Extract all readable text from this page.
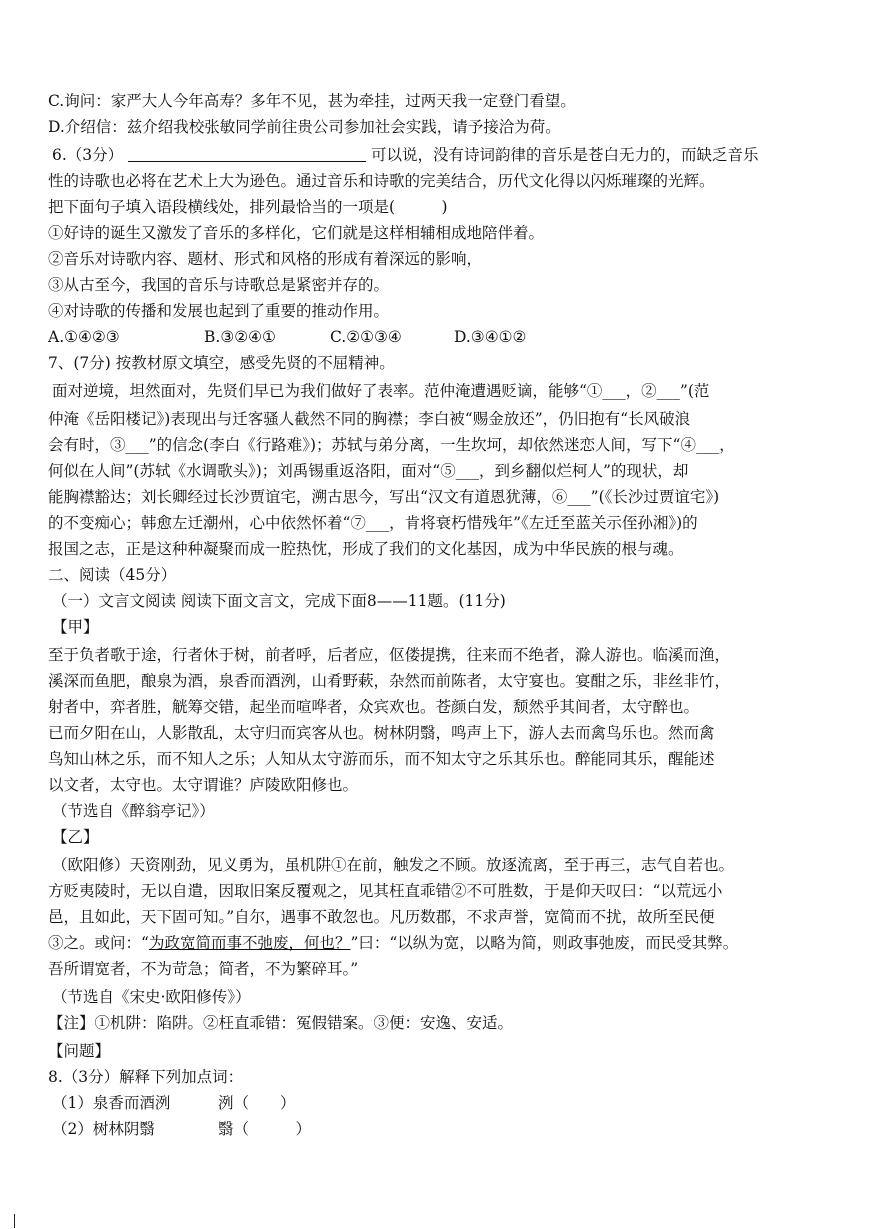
C.询问：家严大人今年高寿？多年不见，甚为牵挂，过两天我一定登门看望。
D.介绍信：兹介绍我校张敏同学前往贵公司参加社会实践，请予接洽为荷。
6.（3分）	可以说，没有诗词韵律的音乐是苍白无力的，而缺乏音乐
性的诗歌也必将在艺术上大为逊色。通过音乐和诗歌的完美结合，历代文化得以闪烁璀璨的光辉。
把下面句子填入语段横线处，排列最恰当的一项是(　　　)
①好诗的诞生又激发了音乐的多样化，它们就是这样相辅相成地陪伴着。
②音乐对诗歌内容、题材、形式和风格的形成有着深远的影响，
③从古至今，我国的音乐与诗歌总是紧密并存的。
④对诗歌的传播和发展也起到了重要的推动作用。
A.①④②③	B.③②④①	C.②①③④	D.③④①②
7、(7分) 按教材原文填空，感受先贤的不屈精神。
面对逆境，坦然面对，先贤们早已为我们做好了表率。范仲淹遭遇贬谪，能够“①___，②___”(范
仲淹《岳阳楼记》)表现出与迁客骚人截然不同的胸襟；李白被“赐金放还”，仍旧抱有“长风破浪
会有时，③___”的信念(李白《行路难》)；苏轼与弟分离，一生坎坷，却依然迷恋人间，写下“④___，
何似在人间”(苏轼《水调歌头》)；刘禹锡重返洛阳，面对“⑤___，到乡翻似烂柯人”的现状，却
能胸襟豁达；刘长卿经过长沙贾谊宅，溯古思今，写出“汉文有道恩犹薄，⑥___”(《长沙过贾谊宅》)
的不变痴心；韩愈左迁潮州，心中依然怀着“⑦___，肯将衰朽惜残年”《左迁至蓝关示侄孙湘》)的
报国之志，正是这种种凝聚而成一腔热忱，形成了我们的文化基因，成为中华民族的根与魂。
二、阅读（45分）
（一）文言文阅读 阅读下面文言文，完成下面8——11题。(11分)
【甲】
至于负者歌于途，行者休于树，前者呼，后者应，伛偻提携，往来而不绝者，滁人游也。临溪而渔，
溪深而鱼肥，酿泉为酒，泉香而酒洌，山肴野蔌，杂然而前陈者，太守宴也。宴酣之乐，非丝非竹，
射者中，弈者胜，觥筹交错，起坐而喧哗者，众宾欢也。苍颜白发，颓然乎其间者，太守醉也。
已而夕阳在山，人影散乱，太守归而宾客从也。树林阴翳，鸣声上下，游人去而禽鸟乐也。然而禽
鸟知山林之乐，而不知人之乐；人知从太守游而乐，而不知太守之乐其乐也。醉能同其乐，醒能述
以文者，太守也。太守谓谁？庐陵欧阳修也。
（节选自《醉翁亭记》）
【乙】
（欧阳修）天资刚劲，见义勇为，虽机阱①在前，触发之不顾。放逐流离，至于再三，志气自若也。
方贬夷陵时，无以自遣，因取旧案反覆观之，见其枉直乖错②不可胜数，于是仰天叹曰：“以荒远小
邑，且如此，天下固可知。”自尔，遇事不敢忽也。凡历数郡，不求声誉，宽简而不扰，故所至民便
③之。或问：“为政宽简而事不弛废，何也？”曰：“以纵为宽，以略为简，则政事弛废，而民受其弊。
吾所谓宽者，不为苛急；简者，不为繁碎耳。”
（节选自《宋史·欧阳修传》）
【注】①机阱：陷阱。②枉直乖错：冤假错案。③便：安逸、安适。
【问题】
8.（3分）解释下列加点词：
（1）泉香而酒洌	洌（　　）
（2）树林阴翳	翳（　　　）
